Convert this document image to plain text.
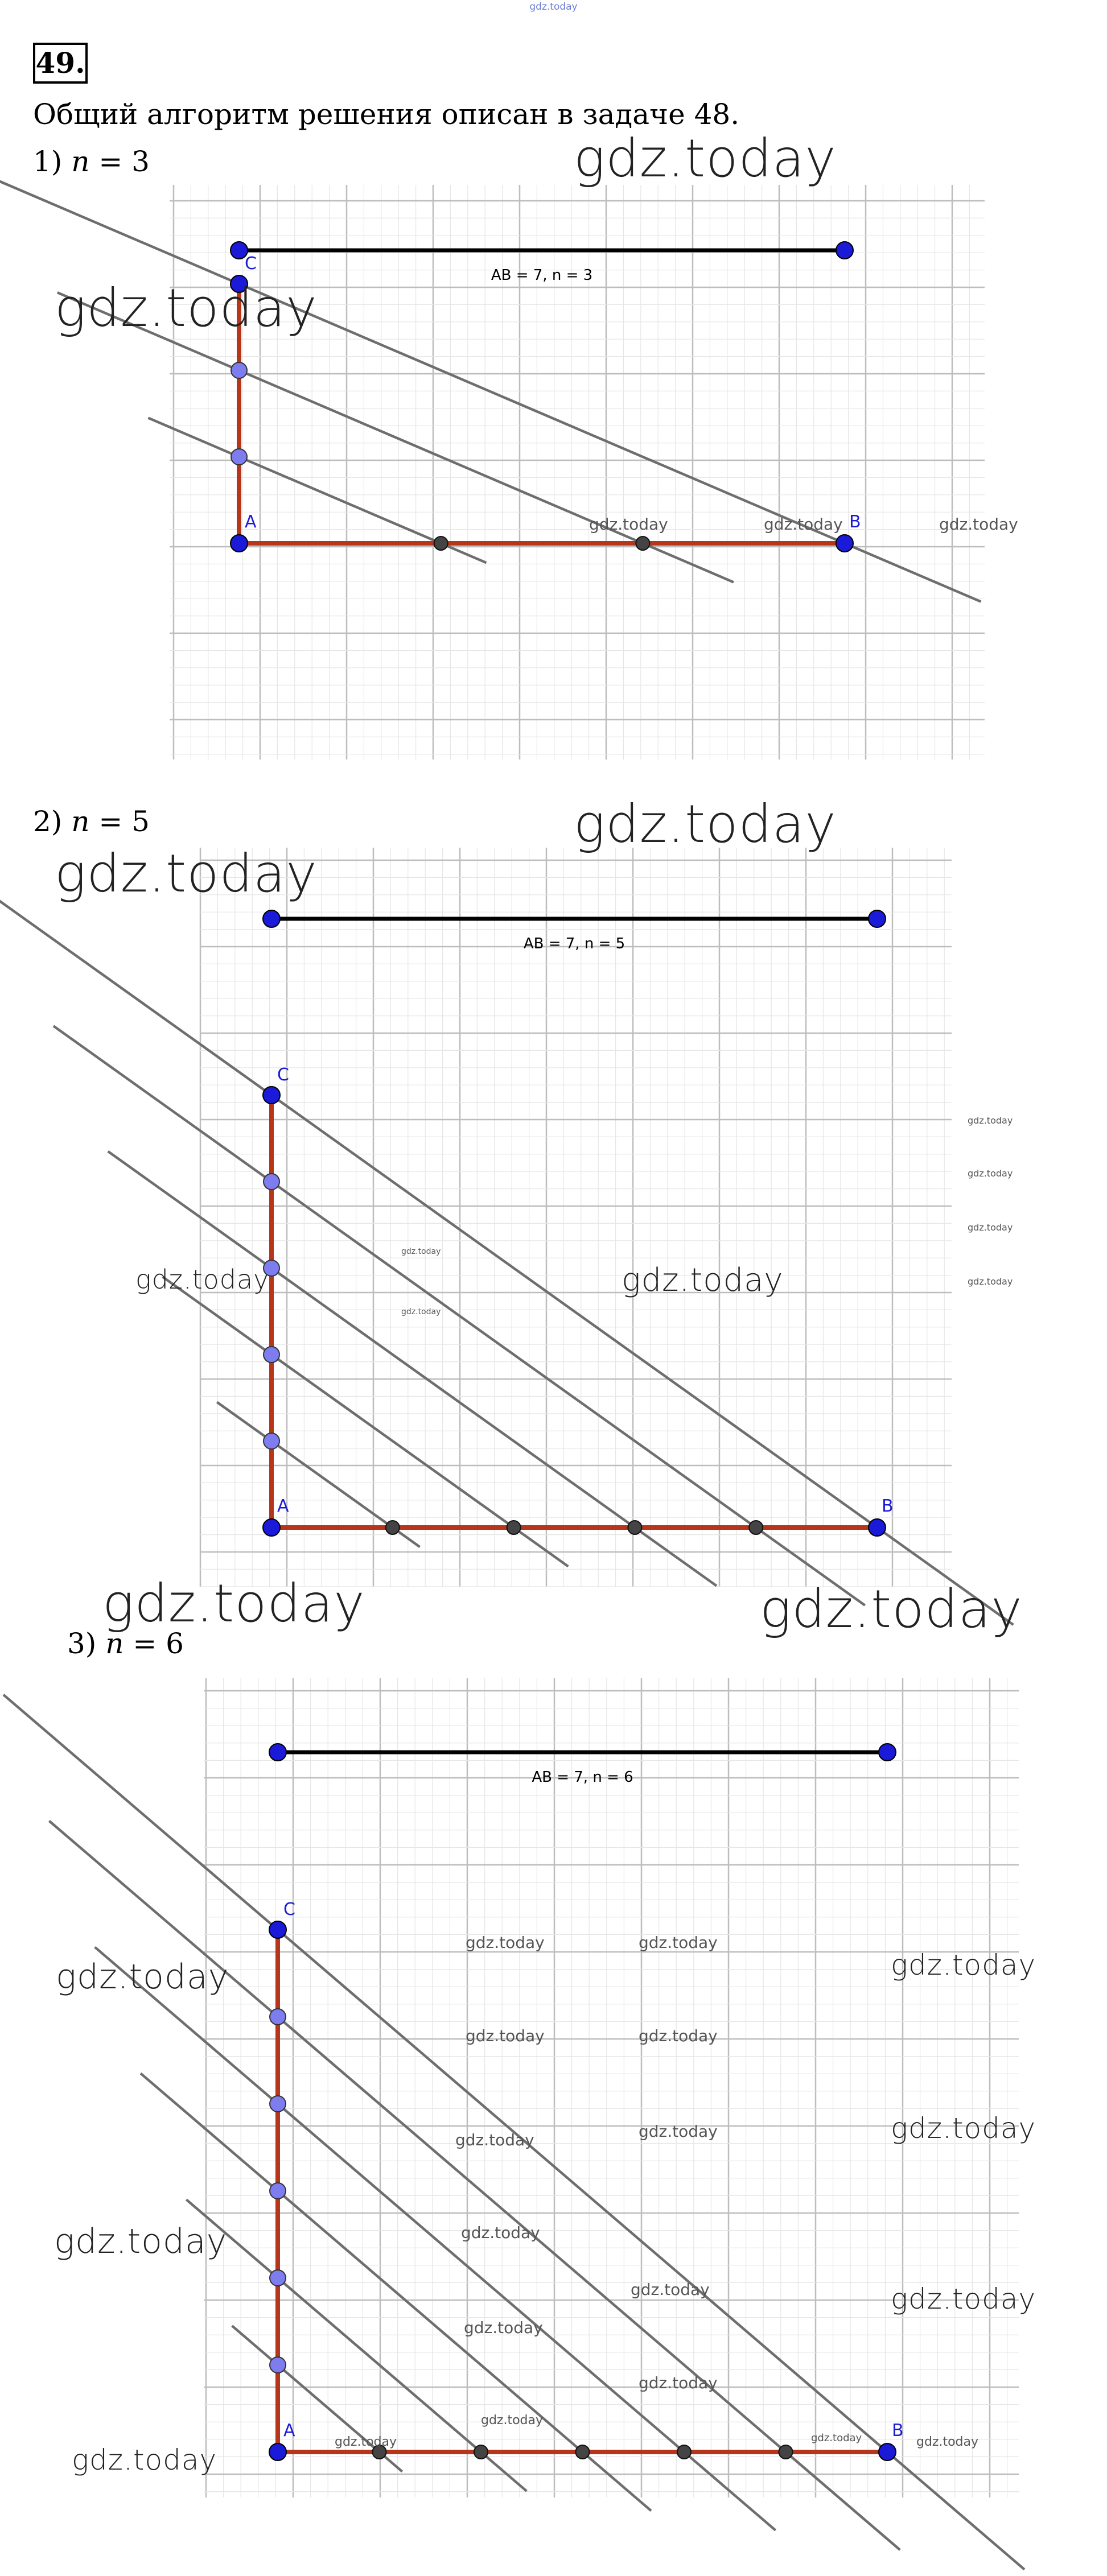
gdz.today
49.
Общий алгоритм решения описан в задаче 48.
1) n = 3
2) n = 5
3) n = 6
AB = 7, n = 3
A	B
C
AB = 7, n = 5
A	B
C
AB = 7, n = 6
A	B
C
gdz.today
gdz.today
gdz.today
gdz.today
gdz.today	gdz.today
gdz.today	gdz.today
gdz.today
gdz.today
gdz.today
gdz.today
gdz.today
gdz.today
gdz.today	gdz.today	gdz.today
gdz.today
gdz.today
gdz.today
gdz.today
gdz.today
gdz.today
gdz.today	gdz.today
gdz.today	gdz.today
gdz.today	gdz.today
gdz.today
gdz.today
gdz.today
gdz.today
gdz.today
gdz.today	gdz.today	gdz.today
